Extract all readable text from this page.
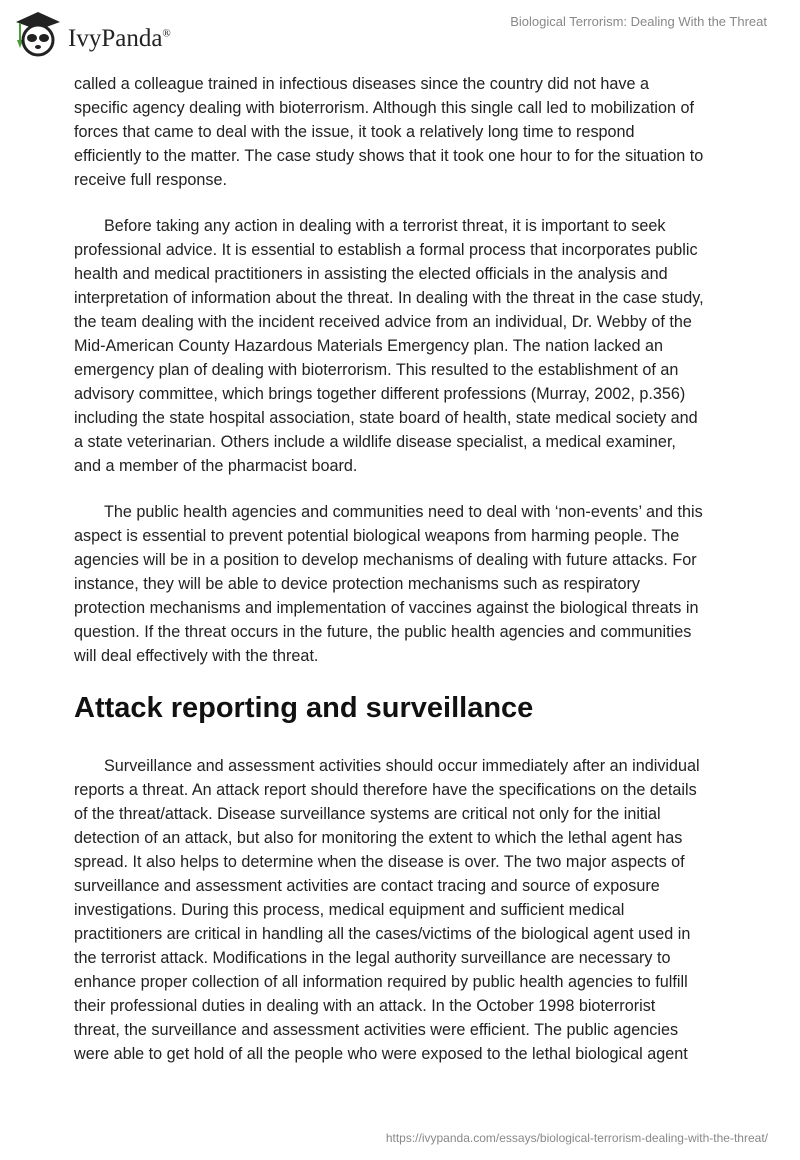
IvyPanda®
Biological Terrorism: Dealing With the Threat

called a colleague trained in infectious diseases since the country did not have a
specific agency dealing with bioterrorism. Although this single call led to mobilization of
forces that came to deal with the issue, it took a relatively long time to respond
efficiently to the matter. The case study shows that it took one hour to for the situation to
receive full response.

Before taking any action in dealing with a terrorist threat, it is important to seek
professional advice. It is essential to establish a formal process that incorporates public
health and medical practitioners in assisting the elected officials in the analysis and
interpretation of information about the threat. In dealing with the threat in the case study,
the team dealing with the incident received advice from an individual, Dr. Webby of the
Mid-American County Hazardous Materials Emergency plan. The nation lacked an
emergency plan of dealing with bioterrorism. This resulted to the establishment of an
advisory committee, which brings together different professions (Murray, 2002, p.356)
including the state hospital association, state board of health, state medical society and
a state veterinarian. Others include a wildlife disease specialist, a medical examiner,
and a member of the pharmacist board.

The public health agencies and communities need to deal with ‘non-events’ and this
aspect is essential to prevent potential biological weapons from harming people. The
agencies will be in a position to develop mechanisms of dealing with future attacks. For
instance, they will be able to device protection mechanisms such as respiratory
protection mechanisms and implementation of vaccines against the biological threats in
question. If the threat occurs in the future, the public health agencies and communities
will deal effectively with the threat.

Attack reporting and surveillance

Surveillance and assessment activities should occur immediately after an individual
reports a threat. An attack report should therefore have the specifications on the details
of the threat/attack. Disease surveillance systems are critical not only for the initial
detection of an attack, but also for monitoring the extent to which the lethal agent has
spread. It also helps to determine when the disease is over. The two major aspects of
surveillance and assessment activities are contact tracing and source of exposure
investigations. During this process, medical equipment and sufficient medical
practitioners are critical in handling all the cases/victims of the biological agent used in
the terrorist attack. Modifications in the legal authority surveillance are necessary to
enhance proper collection of all information required by public health agencies to fulfill
their professional duties in dealing with an attack. In the October 1998 bioterrorist
threat, the surveillance and assessment activities were efficient. The public agencies
were able to get hold of all the people who were exposed to the lethal biological agent

https://ivypanda.com/essays/biological-terrorism-dealing-with-the-threat/
